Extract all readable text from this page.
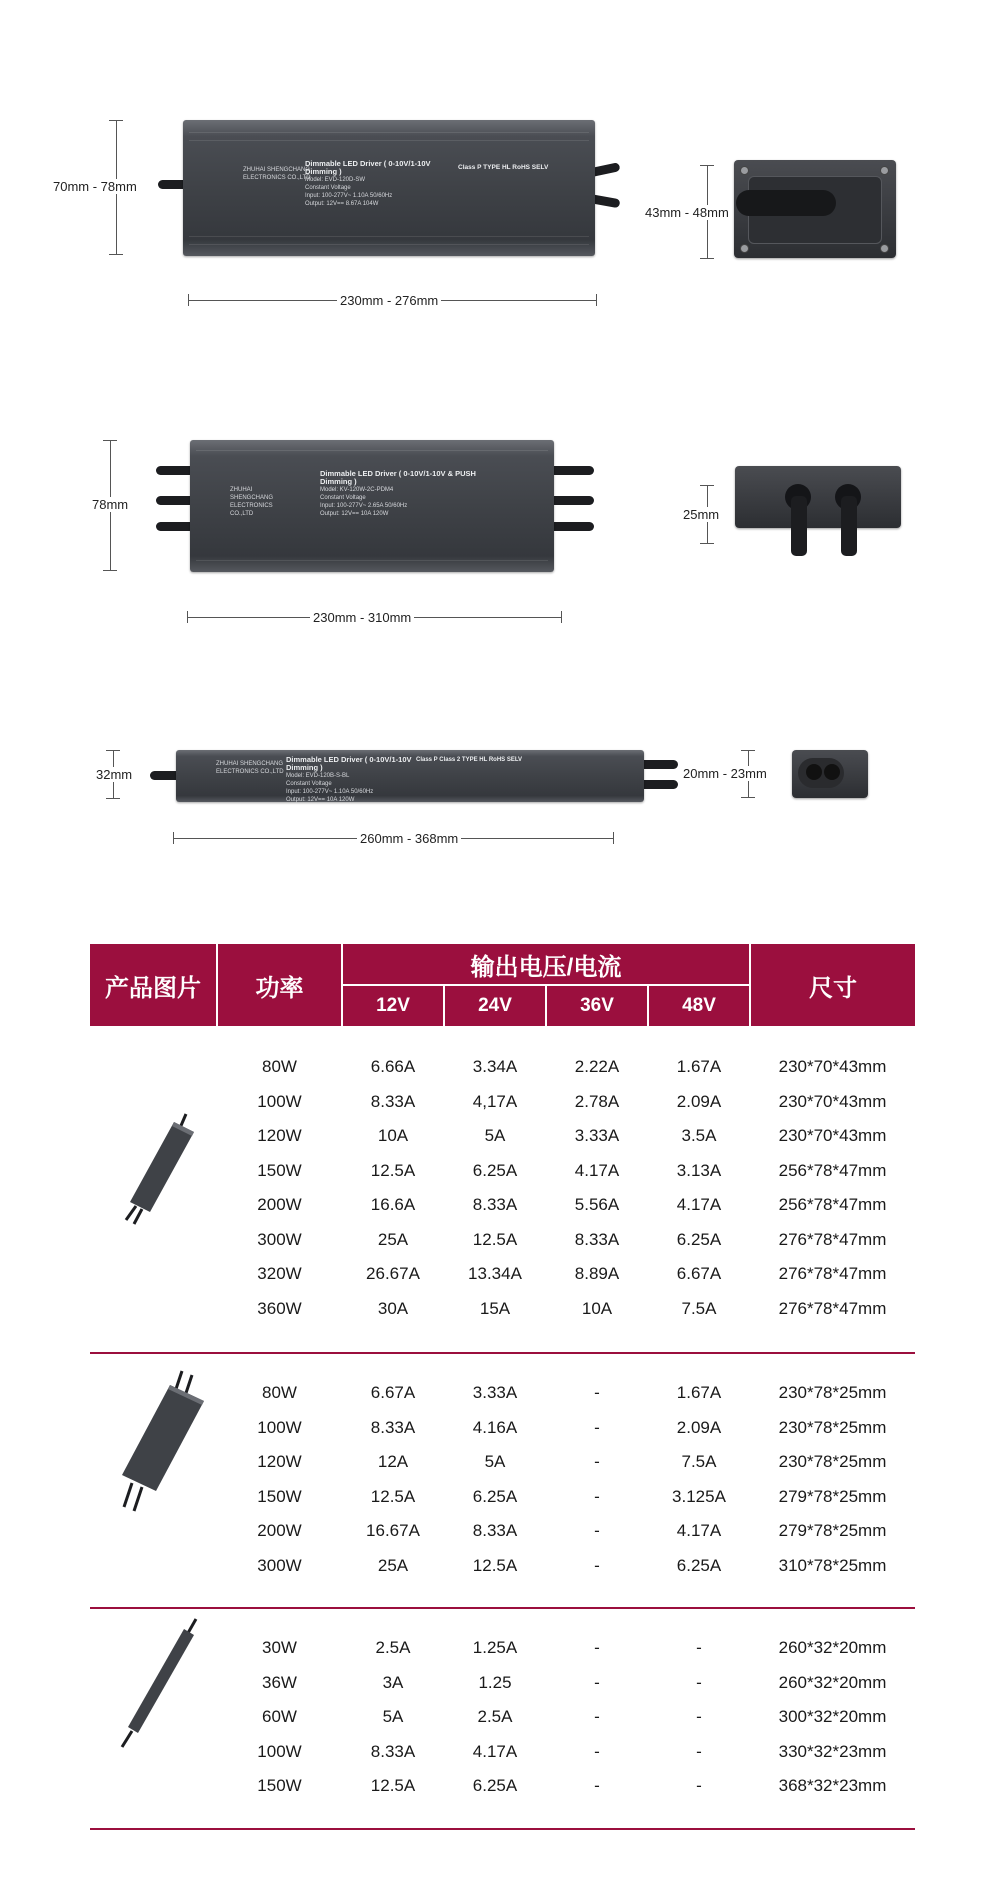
70mm - 78mm
ZHUHAI SHENGCHANG ELECTRONICS CO.,LTD
Dimmable LED Driver ( 0-10V/1-10V Dimming )
Model: EVD-120D-SW
Constant Voltage
Input: 100-277V~ 1.10A 50/60Hz
Output: 12V== 8.67A 104W
Class P TYPE HL RoHS SELV
230mm - 276mm
43mm - 48mm
78mm
ZHUHAI SHENGCHANG ELECTRONICS CO.,LTD
Dimmable LED Driver ( 0-10V/1-10V & PUSH Dimming )
Model: KV-120W-2C-PDM4
Constant Voltage
Input: 100-277V~ 2.65A 50/60Hz
Output: 12V== 10A 120W
230mm - 310mm
25mm
32mm
ZHUHAI SHENGCHANG ELECTRONICS CO.,LTD
Dimmable LED Driver ( 0-10V/1-10V Dimming )
Model: EVD-120B-S-BL
Constant Voltage
Input: 100-277V~ 1.10A 50/60Hz
Output: 12V== 10A 120W
Class P Class 2 TYPE HL RoHS SELV
260mm - 368mm
20mm - 23mm
产品图片	功率	输出电压/电流				尺寸
		12V	24V	36V	48V	

	80W	6.66A	3.34A	2.22A	1.67A	230*70*43mm
	100W	8.33A	4,17A	2.78A	2.09A	230*70*43mm
	120W	10A	5A	3.33A	3.5A	230*70*43mm
	150W	12.5A	6.25A	4.17A	3.13A	256*78*47mm
	200W	16.6A	8.33A	5.56A	4.17A	256*78*47mm
	300W	25A	12.5A	8.33A	6.25A	276*78*47mm
	320W	26.67A	13.34A	8.89A	6.67A	276*78*47mm
	360W	30A	15A	10A	7.5A	276*78*47mm

	80W	6.67A	3.33A	-	1.67A	230*78*25mm
	100W	8.33A	4.16A	-	2.09A	230*78*25mm
	120W	12A	5A	-	7.5A	230*78*25mm
	150W	12.5A	6.25A	-	3.125A	279*78*25mm
	200W	16.67A	8.33A	-	4.17A	279*78*25mm
	300W	25A	12.5A	-	6.25A	310*78*25mm

	30W	2.5A	1.25A	-	-	260*32*20mm
	36W	3A	1.25	-	-	260*32*20mm
	60W	5A	2.5A	-	-	300*32*20mm
	100W	8.33A	4.17A	-	-	330*32*23mm
	150W	12.5A	6.25A	-	-	368*32*23mm
